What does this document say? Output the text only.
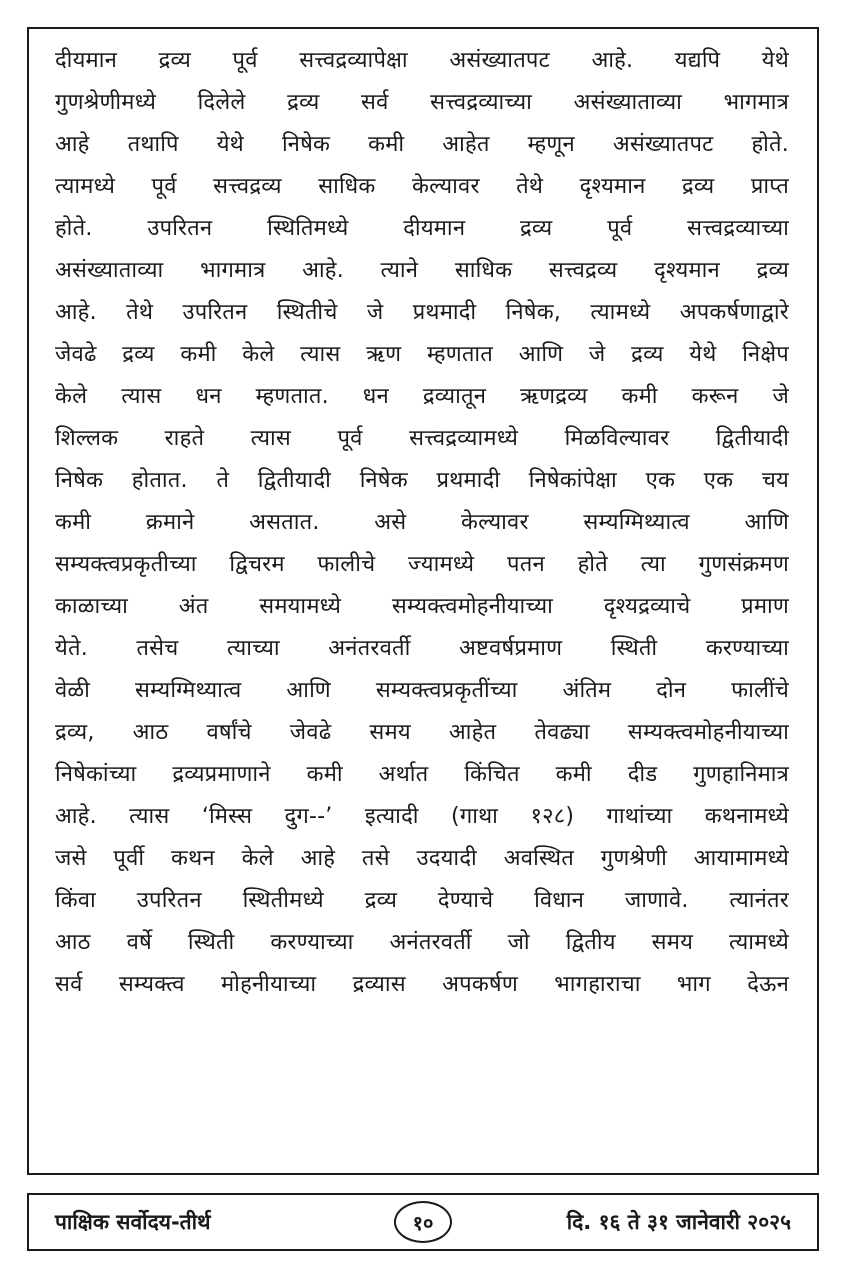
दीयमान द्रव्य पूर्व सत्त्वद्रव्यापेक्षा असंख्यातपट आहे. यद्यपि येथे
गुणश्रेणीमध्ये दिलेले द्रव्य सर्व सत्त्वद्रव्याच्या असंख्याताव्या भागमात्र
आहे तथापि येथे निषेक कमी आहेत म्हणून असंख्यातपट होते.
त्यामध्ये पूर्व सत्त्वद्रव्य साधिक केल्यावर तेथे दृश्यमान द्रव्य प्राप्त
होते. उपरितन स्थितिमध्ये दीयमान द्रव्य पूर्व सत्त्वद्रव्याच्या
असंख्याताव्या भागमात्र आहे. त्याने साधिक सत्त्वद्रव्य दृश्यमान द्रव्य
आहे. तेथे उपरितन स्थितीचे जे प्रथमादी निषेक, त्यामध्ये अपकर्षणाद्वारे
जेवढे द्रव्य कमी केले त्यास ऋण म्हणतात आणि जे द्रव्य येथे निक्षेप
केले त्यास धन म्हणतात. धन द्रव्यातून ऋणद्रव्य कमी करून जे
शिल्लक राहते त्यास पूर्व सत्त्वद्रव्यामध्ये मिळविल्यावर द्वितीयादी
निषेक होतात. ते द्वितीयादी निषेक प्रथमादी निषेकांपेक्षा एक एक चय
कमी क्रमाने असतात. असे केल्यावर सम्यग्मिथ्यात्व आणि
सम्यक्त्वप्रकृतीच्या द्विचरम फालीचे ज्यामध्ये पतन होते त्या गुणसंक्रमण
काळाच्या अंत समयामध्ये सम्यक्त्वमोहनीयाच्या दृश्यद्रव्याचे प्रमाण
येते. तसेच त्याच्या अनंतरवर्ती अष्टवर्षप्रमाण स्थिती करण्याच्या
वेळी सम्यग्मिथ्यात्व आणि सम्यक्त्वप्रकृतींच्या अंतिम दोन फालींचे
द्रव्य, आठ वर्षांचे जेवढे समय आहेत तेवढ्या सम्यक्त्वमोहनीयाच्या
निषेकांच्या द्रव्यप्रमाणाने कमी अर्थात किंचित कमी दीड गुणहानिमात्र
आहे. त्यास ‘मिस्स दुग--’ इत्यादी (गाथा १२८) गाथांच्या कथनामध्ये
जसे पूर्वी कथन केले आहे तसे उदयादी अवस्थित गुणश्रेणी आयामामध्ये
किंवा उपरितन स्थितीमध्ये द्रव्य देण्याचे विधान जाणावे. त्यानंतर
आठ वर्षे स्थिती करण्याच्या अनंतरवर्ती जो द्वितीय समय त्यामध्ये
सर्व सम्यक्त्व मोहनीयाच्या द्रव्यास अपकर्षण भागहाराचा भाग देऊन
पाक्षिक सर्वोदय-तीर्थ	१०	दि. १६ ते ३१ जानेवारी २०२५
